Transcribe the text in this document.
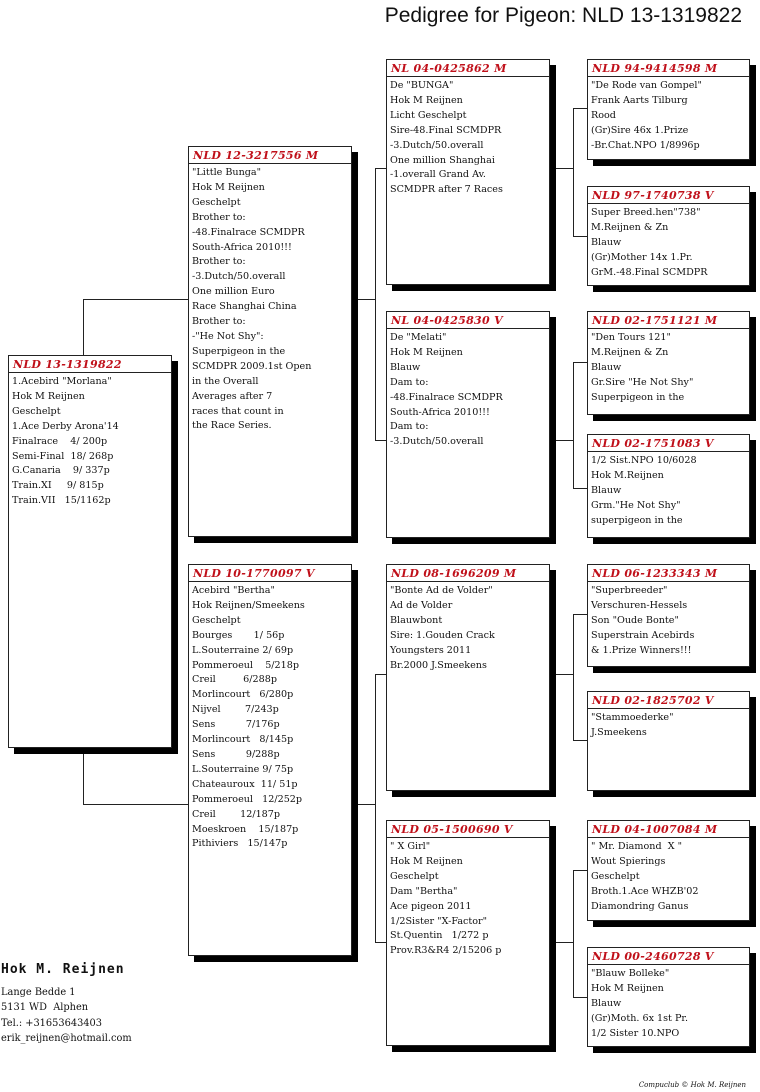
Pedigree for Pigeon: NLD 13-1319822
NLD 13-1319822
1.Acebird "Morlana"
Hok M Reijnen
Geschelpt
1.Ace Derby Arona'14
Finalrace    4/ 200p
Semi-Final  18/ 268p
G.Canaria    9/ 337p
Train.XI     9/ 815p
Train.VII   15/1162p
NLD 12-3217556 M
"Little Bunga"
Hok M Reijnen
Geschelpt
Brother to:
-48.Finalrace SCMDPR
South-Africa 2010!!!
Brother to:
-3.Dutch/50.overall
One million Euro
Race Shanghai China
Brother to:
-"He Not Shy":
Superpigeon in the
SCMDPR 2009.1st Open
in the Overall
Averages after 7
races that count in
the Race Series.
NLD 10-1770097 V
Acebird "Bertha"
Hok Reijnen/Smeekens
Geschelpt
Bourges       1/ 56p
L.Souterraine 2/ 69p
Pommeroeul    5/218p
Creil         6/288p
Morlincourt   6/280p
Nijvel        7/243p
Sens          7/176p
Morlincourt   8/145p
Sens          9/288p
L.Souterraine 9/ 75p
Chateauroux  11/ 51p
Pommeroeul   12/252p
Creil        12/187p
Moeskroen    15/187p
Pithiviers   15/147p
NL 04-0425862 M
De "BUNGA"
Hok M Reijnen
Licht Geschelpt
Sire-48.Final SCMDPR
-3.Dutch/50.overall
One million Shanghai
-1.overall Grand Av.
SCMDPR after 7 Races
NL 04-0425830 V
De "Melati"
Hok M Reijnen
Blauw
Dam to:
-48.Finalrace SCMDPR
South-Africa 2010!!!
Dam to:
-3.Dutch/50.overall
NLD 08-1696209 M
"Bonte Ad de Volder"
Ad de Volder
Blauwbont
Sire: 1.Gouden Crack
Youngsters 2011
Br.2000 J.Smeekens
NLD 05-1500690 V
" X Girl"
Hok M Reijnen
Geschelpt
Dam "Bertha"
Ace pigeon 2011
1/2Sister "X-Factor"
St.Quentin   1/272 p
Prov.R3&R4 2/15206 p
NLD 94-9414598 M
"De Rode van Gompel"
Frank Aarts Tilburg
Rood
(Gr)Sire 46x 1.Prize
-Br.Chat.NPO 1/8996p
NLD 97-1740738 V
Super Breed.hen"738"
M.Reijnen & Zn
Blauw
(Gr)Mother 14x 1.Pr.
GrM.-48.Final SCMDPR
NLD 02-1751121 M
"Den Tours 121"
M.Reijnen & Zn
Blauw
Gr.Sire "He Not Shy"
Superpigeon in the
NLD 02-1751083 V
1/2 Sist.NPO 10/6028
Hok M.Reijnen
Blauw
Grm."He Not Shy"
superpigeon in the
NLD 06-1233343 M
"Superbreeder"
Verschuren-Hessels
Son "Oude Bonte"
Superstrain Acebirds
& 1.Prize Winners!!!
NLD 02-1825702 V
"Stammoederke"
J.Smeekens
NLD 04-1007084 M
" Mr. Diamond  X "
Wout Spierings
Geschelpt
Broth.1.Ace WHZB'02
Diamondring Ganus
NLD 00-2460728 V
"Blauw Bolleke"
Hok M Reijnen
Blauw
(Gr)Moth. 6x 1st Pr.
1/2 Sister 10.NPO
Hok M. Reijnen
Lange Bedde 1
5131 WD  Alphen
Tel.: +31653643403
erik_reijnen@hotmail.com
Compuclub © Hok M. Reijnen
